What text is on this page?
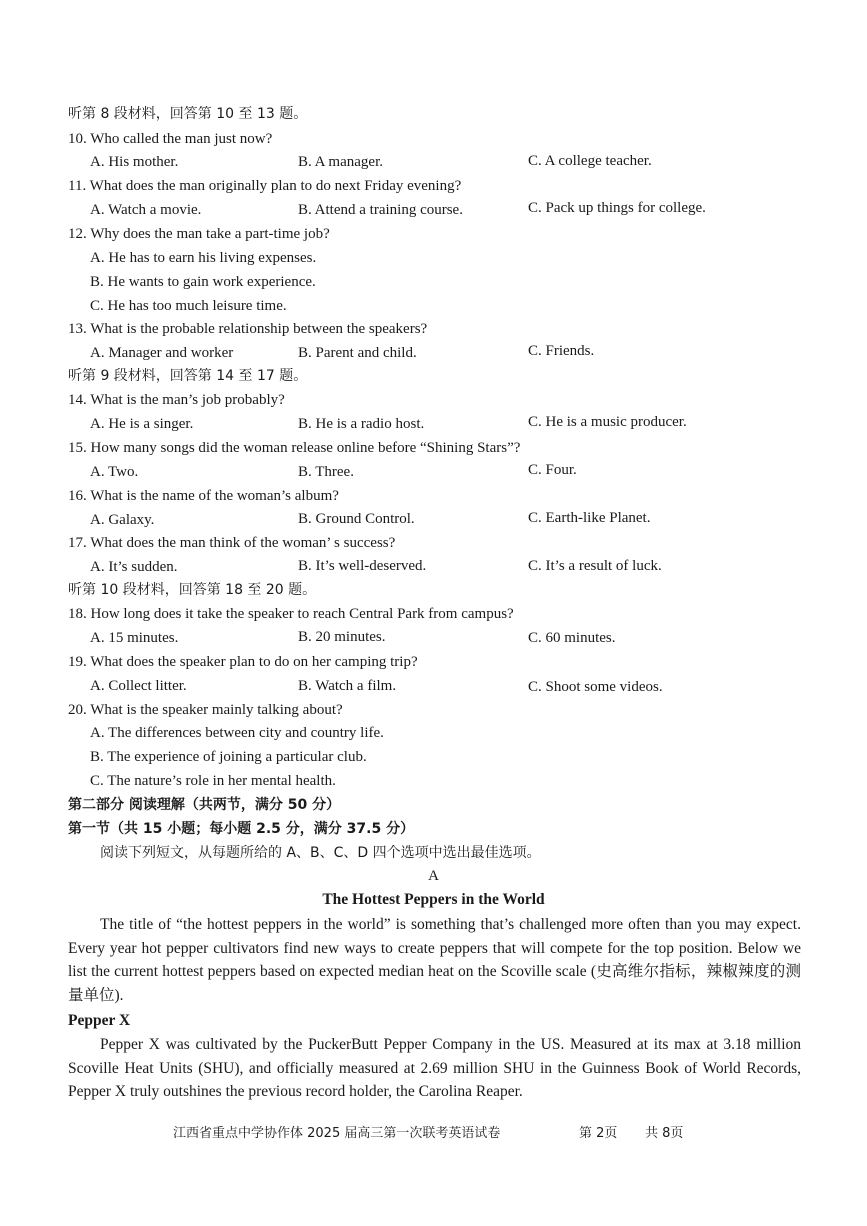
听第 8 段材料，回答第 10 至 13 题。
10. Who called the man just now?
A. His mother.	B. A manager.	C. A college teacher.
11. What does the man originally plan to do next Friday evening?
A. Watch a movie.	B. Attend a training course.	C. Pack up things for college.
12. Why does the man take a part-time job?
A. He has to earn his living expenses.
B. He wants to gain work experience.
C. He has too much leisure time.
13. What is the probable relationship between the speakers?
A. Manager and worker	B. Parent and child.	C. Friends.
听第 9 段材料，回答第 14 至 17 题。
14. What is the man’s job probably?
A. He is a singer.	B. He is a radio host.	C. He is a music producer.
15. How many songs did the woman release online before “Shining Stars”?
A. Two.	B. Three.	C. Four.
16. What is the name of the woman’s album?
A. Galaxy.	B. Ground Control.	C. Earth-like Planet.
17. What does the man think of the woman’ s success?
A. It’s sudden.	B. It’s well-deserved.	C. It’s a result of luck.
听第 10 段材料，回答第 18 至 20 题。
18. How long does it take the speaker to reach Central Park from campus?
A. 15 minutes.	B. 20 minutes.	C. 60 minutes.
19. What does the speaker plan to do on her camping trip?
A. Collect litter.	B. Watch a film.	C. Shoot some videos.
20. What is the speaker mainly talking about?
A. The differences between city and country life.
B. The experience of joining a particular club.
C. The nature’s role in her mental health.
第二部分 阅读理解（共两节，满分 50 分）
第一节（共 15 小题；每小题 2.5 分，满分 37.5 分）
阅读下列短文，从每题所给的 A、B、C、D 四个选项中选出最佳选项。
A
The Hottest Peppers in the World
The title of “the hottest peppers in the world” is something that’s challenged more often than you may expect. Every year hot pepper cultivators find new ways to create peppers that will compete for the top position. Below we list the current hottest peppers based on expected median heat on the Scoville scale (史高维尔指标，辣椒辣度的测量单位).
Pepper X
Pepper X was cultivated by the PuckerButt Pepper Company in the US. Measured at its max at 3.18 million Scoville Heat Units (SHU), and officially measured at 2.69 million SHU in the Guinness Book of World Records, Pepper X truly outshines the previous record holder, the Carolina Reaper.
江西省重点中学协作体 2025 届高三第一次联考英语试卷	第 2页 共 8页
